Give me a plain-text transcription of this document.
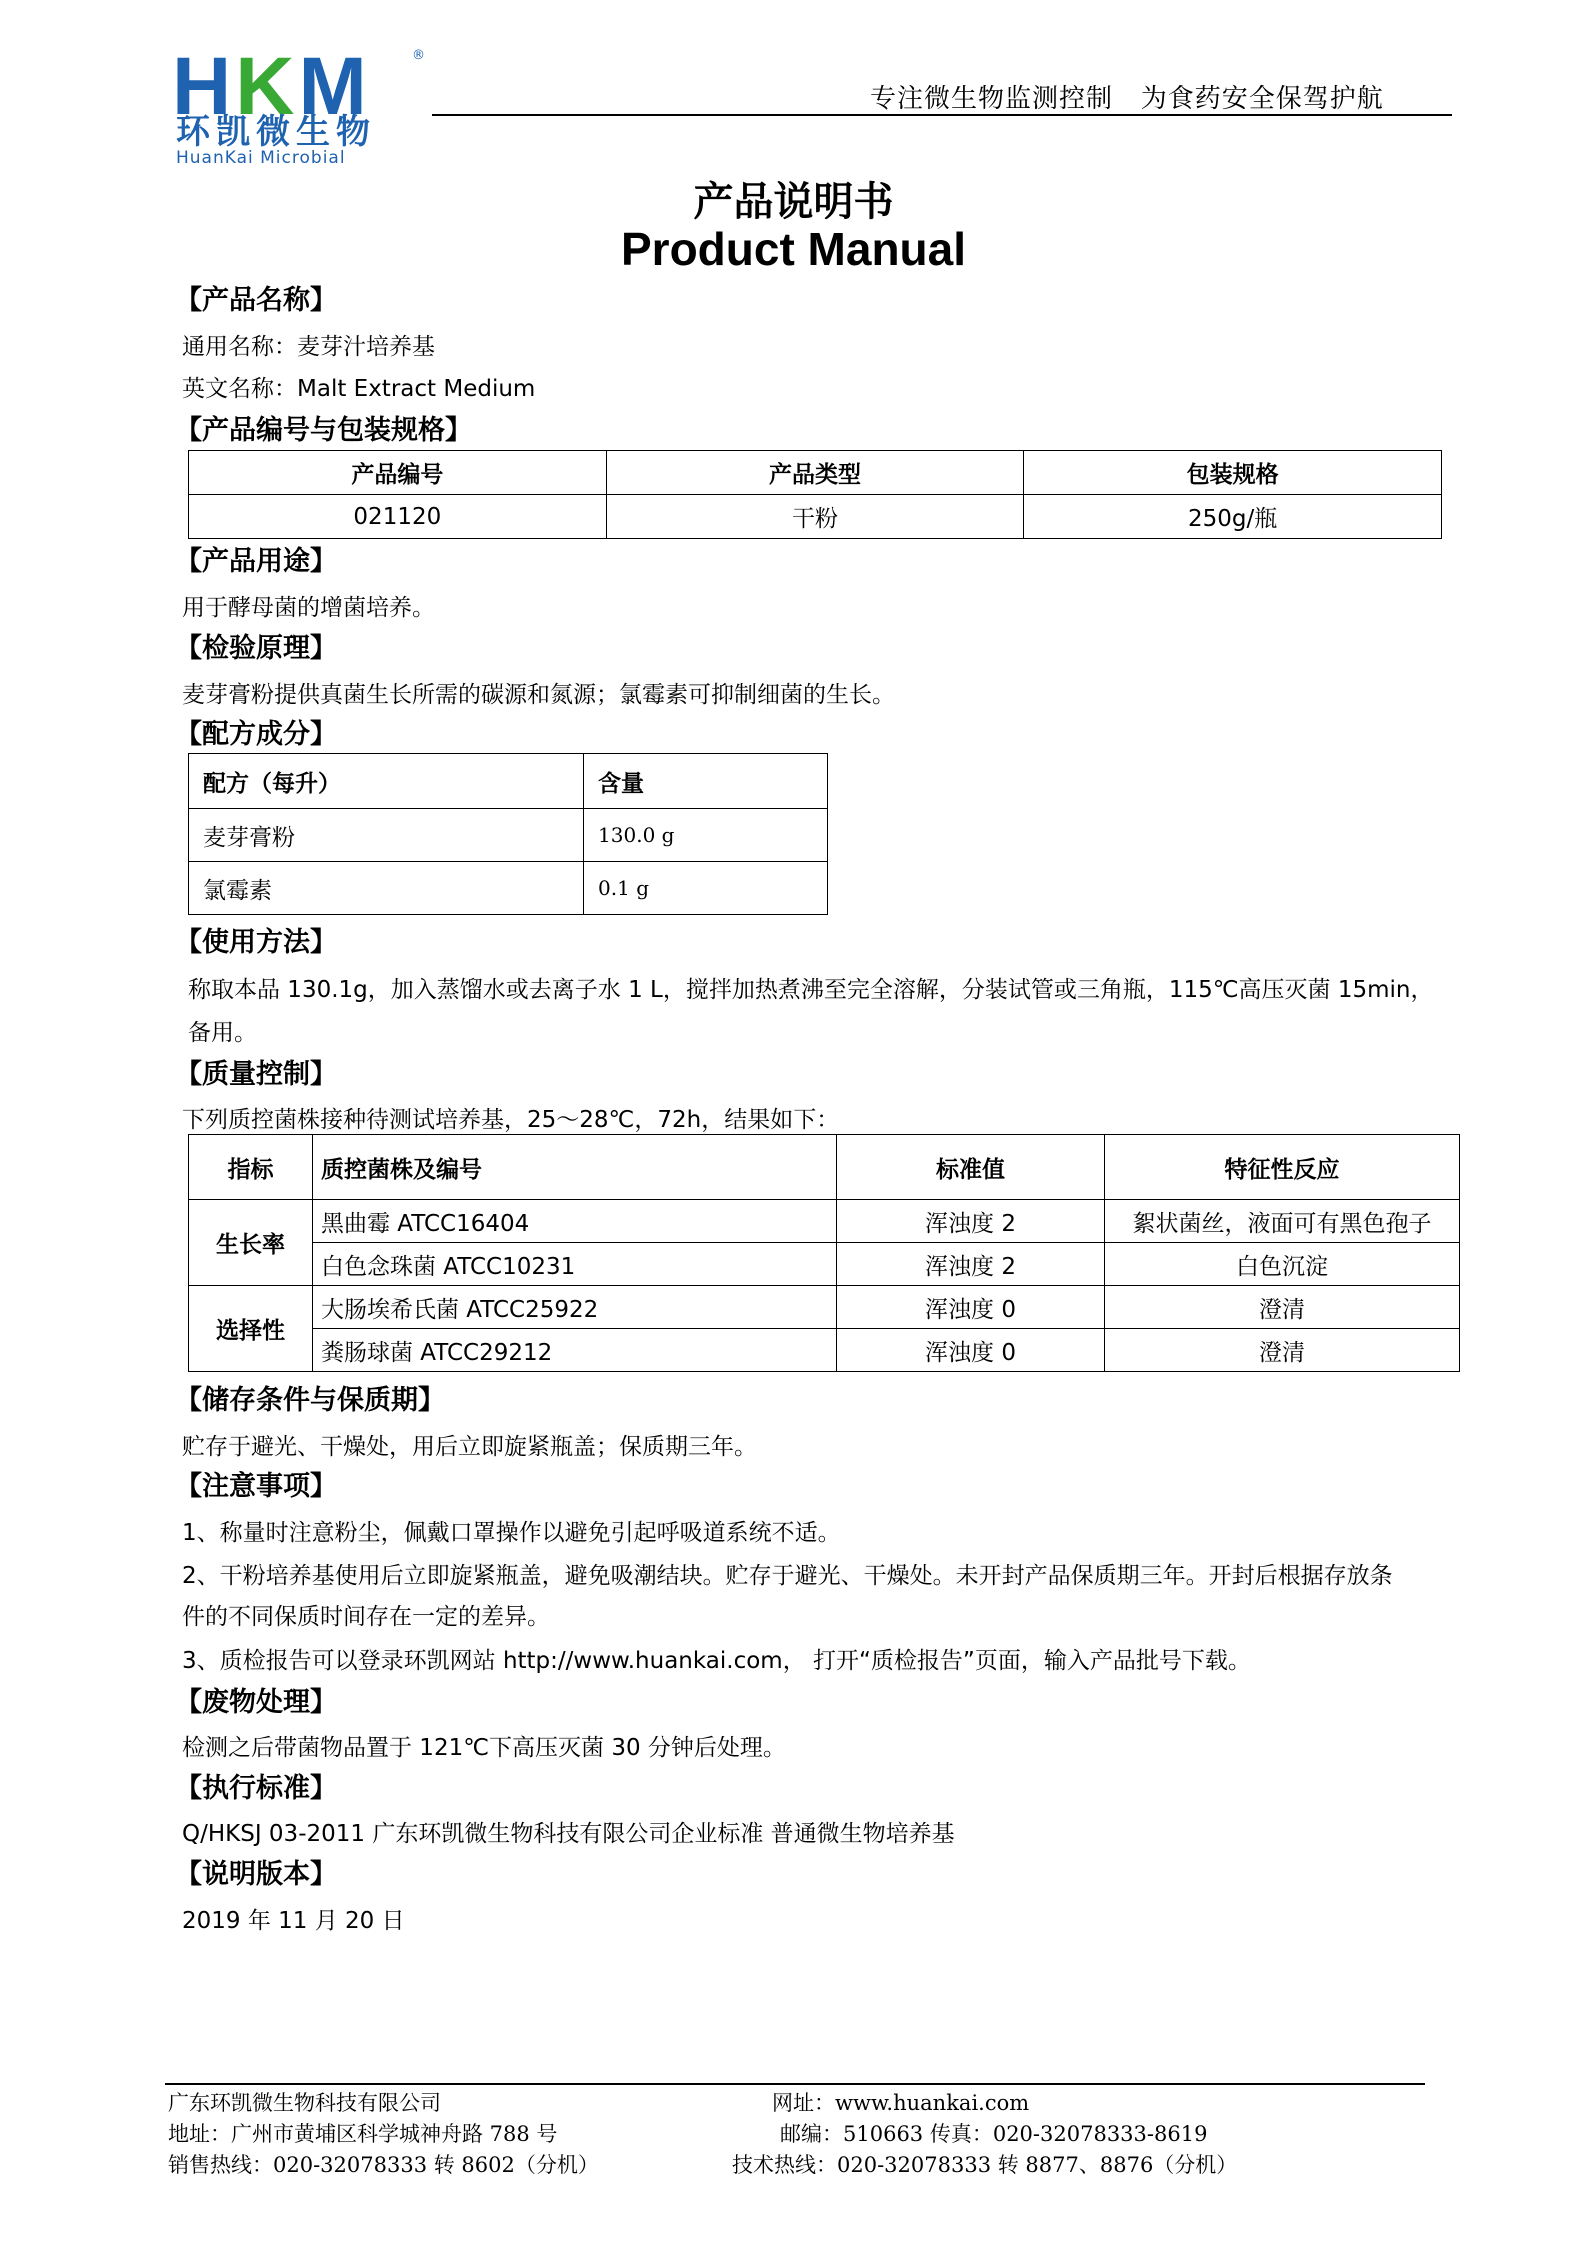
HKM	®
环凯微生物
HuanKai Microbial
专注微生物监测控制   为食药安全保驾护航
产品说明书
Product Manual
【产品名称】
通用名称：麦芽汁培养基
英文名称：Malt Extract Medium
【产品编号与包装规格】
产品编号	产品类型	包装规格
021120	干粉	250g/瓶
【产品用途】
用于酵母菌的增菌培养。
【检验原理】
麦芽膏粉提供真菌生长所需的碳源和氮源；氯霉素可抑制细菌的生长。
【配方成分】
配方（每升）	含量
麦芽膏粉	130.0 g
氯霉素	0.1 g
【使用方法】
称取本品 130.1g，加入蒸馏水或去离子水 1 L，搅拌加热煮沸至完全溶解，分装试管或三角瓶，115℃高压灭菌 15min，
备用。
【质量控制】
下列质控菌株接种待测试培养基，25～28℃，72h，结果如下：
指标	质控菌株及编号	标准值	特征性反应
生长率	黑曲霉 ATCC16404	浑浊度 2	絮状菌丝，液面可有黑色孢子
	白色念珠菌 ATCC10231	浑浊度 2	白色沉淀
选择性	大肠埃希氏菌 ATCC25922	浑浊度 0	澄清
	粪肠球菌 ATCC29212	浑浊度 0	澄清
【储存条件与保质期】
贮存于避光、干燥处，用后立即旋紧瓶盖；保质期三年。
【注意事项】
1、称量时注意粉尘，佩戴口罩操作以避免引起呼吸道系统不适。
2、干粉培养基使用后立即旋紧瓶盖，避免吸潮结块。贮存于避光、干燥处。未开封产品保质期三年。开封后根据存放条
件的不同保质时间存在一定的差异。
3、质检报告可以登录环凯网站 http://www.huankai.com， 打开“质检报告”页面，输入产品批号下载。
【废物处理】
检测之后带菌物品置于 121℃下高压灭菌 30 分钟后处理。
【执行标准】
Q/HKSJ 03-2011 广东环凯微生物科技有限公司企业标准 普通微生物培养基
【说明版本】
2019 年 11 月 20 日
广东环凯微生物科技有限公司
地址：广州市黄埔区科学城神舟路 788 号
销售热线：020-32078333 转 8602（分机）
网址：www.huankai.com
邮编：510663 传真：020-32078333-8619
技术热线：020-32078333 转 8877、8876（分机）
